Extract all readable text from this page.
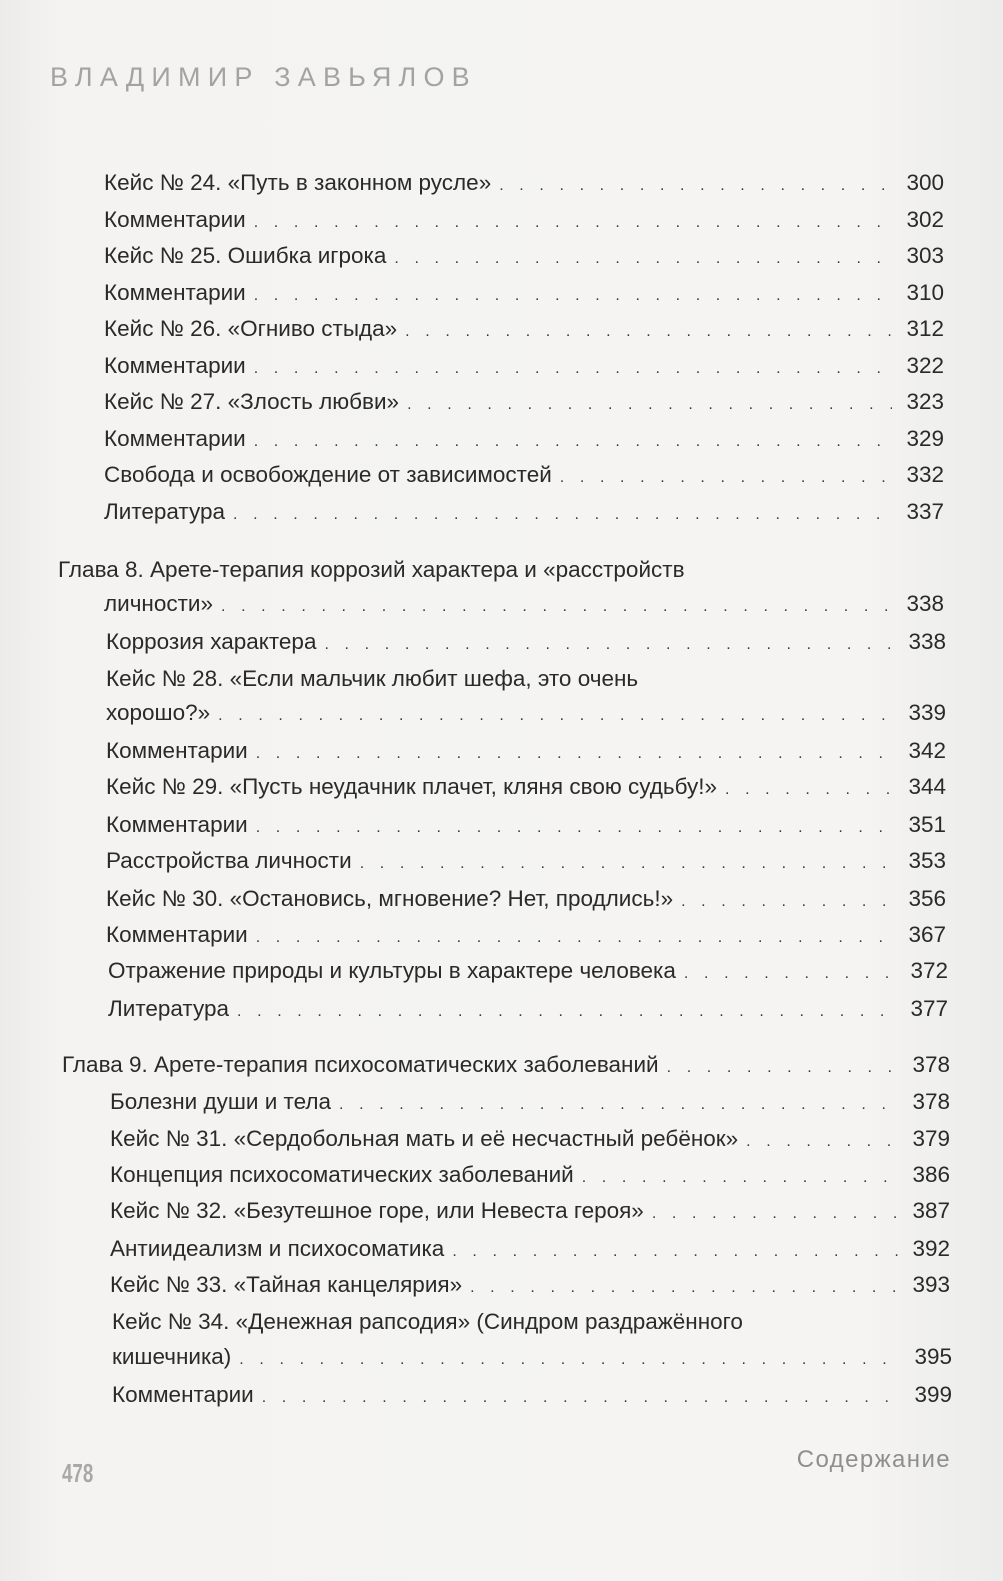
ВЛАДИМИР ЗАВЬЯЛОВ
Кейс № 24. «Путь в законном русле» . . .	300
Комментарии . . .	302
Кейс № 25. Ошибка игрока . . .	303
Комментарии . . .	310
Кейс № 26. «Огниво стыда» . . .	312
Комментарии . . .	322
Кейс № 27. «Злость любви» . . .	323
Комментарии . . .	329
Свобода и освобождение от зависимостей . . .	332
Литература . . .	337
Глава 8. Арете-терапия коррозий характера и «расстройств
личности» . . .	338
Коррозия характера . . .	338
Кейс № 28. «Если мальчик любит шефа, это очень
хорошо?» . . .	339
Комментарии . . .	342
Кейс № 29. «Пусть неудачник плачет, кляня свою судьбу!» . . .	344
Комментарии . . .	351
Расстройства личности . . .	353
Кейс № 30. «Остановись, мгновение? Нет, продлись!» . . .	356
Комментарии . . .	367
Отражение природы и культуры в характере человека . . .	372
Литература . . .	377
Глава 9. Арете-терапия психосоматических заболеваний . . .	378
Болезни души и тела . . .	378
Кейс № 31. «Сердобольная мать и её несчастный ребёнок» . . .	379
Концепция психосоматических заболеваний . . .	386
Кейс № 32. «Безутешное горе, или Невеста героя» . . .	387
Антиидеализм и психосоматика . . .	392
Кейс № 33. «Тайная канцелярия» . . .	393
Кейс № 34. «Денежная рапсодия» (Синдром раздражённого
кишечника) . . .	395
Комментарии . . .	399
478	Содержание
